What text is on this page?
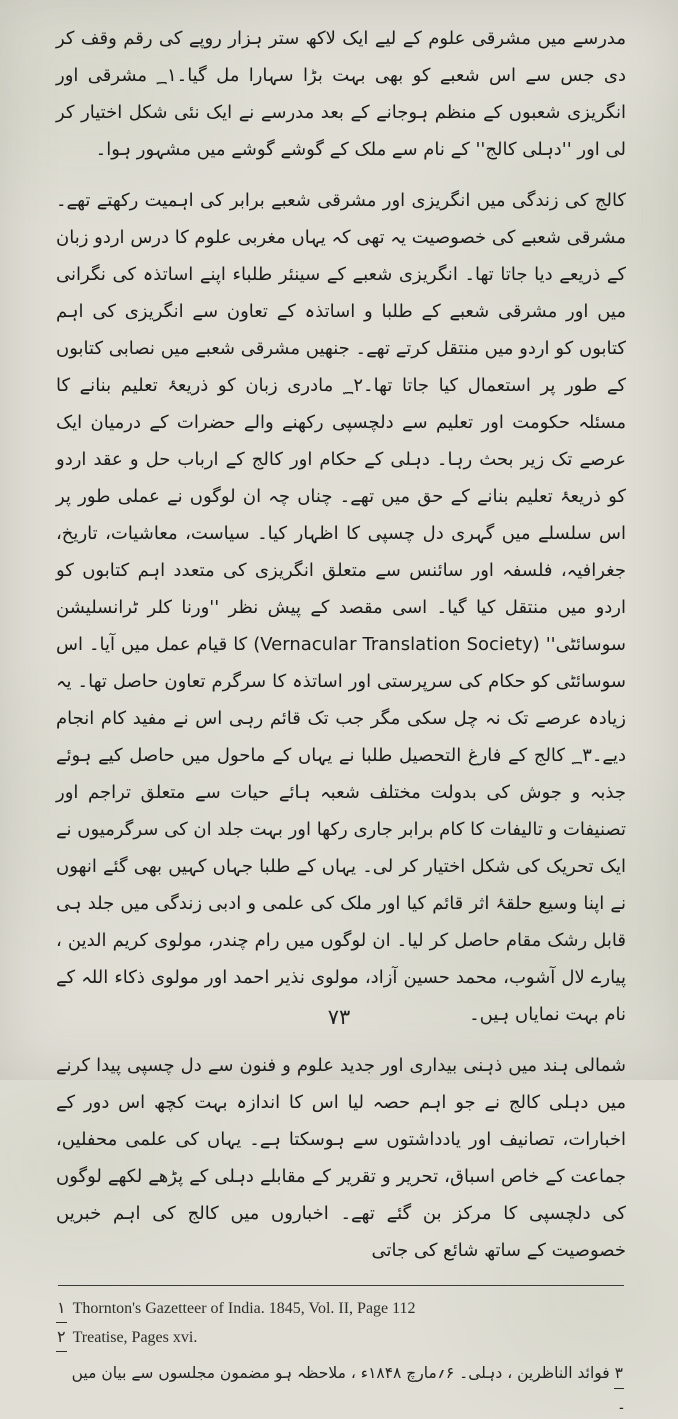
مدرسے میں مشرقی علوم کے لیے ایک لاکھ ستر ہزار روپے کی رقم وقف کر دی جس سے اس شعبے کو بھی بہت بڑا سہارا مل گیا۔؁۱ مشرقی اور انگریزی شعبوں کے منظم ہوجانے کے بعد مدرسے نے ایک نئی شکل اختیار کر لی اور ''دہلی کالج'' کے نام سے ملک کے گوشے گوشے میں مشہور ہوا۔

کالج کی زندگی میں انگریزی اور مشرقی شعبے برابر کی اہمیت رکھتے تھے۔ مشرقی شعبے کی خصوصیت یہ تھی کہ یہاں مغربی علوم کا درس اردو زبان کے ذریعے دیا جاتا تھا۔ انگریزی شعبے کے سینئر طلباء اپنے اساتذہ کی نگرانی میں اور مشرقی شعبے کے طلبا و اساتذہ کے تعاون سے انگریزی کی اہم کتابوں کو اردو میں منتقل کرتے تھے۔ جنھیں مشرقی شعبے میں نصابی کتابوں کے طور پر استعمال کیا جاتا تھا۔؁۲ مادری زبان کو ذریعۂ تعلیم بنانے کا مسئلہ حکومت اور تعلیم سے دلچسپی رکھنے والے حضرات کے درمیان ایک عرصے تک زیر بحث رہا۔ دہلی کے حکام اور کالج کے ارباب حل و عقد اردو کو ذریعۂ تعلیم بنانے کے حق میں تھے۔ چناں چہ ان لوگوں نے عملی طور پر اس سلسلے میں گہری دل چسپی کا اظہار کیا۔ سیاست، معاشیات، تاریخ، جغرافیہ، فلسفہ اور سائنس سے متعلق انگریزی کی متعدد اہم کتابوں کو اردو میں منتقل کیا گیا۔ اسی مقصد کے پیش نظر ''ورنا کلر ٹرانسلیشن سوسائٹی'' (Vernacular Translation Society) کا قیام عمل میں آیا۔ اس سوسائٹی کو حکام کی سرپرستی اور اساتذہ کا سرگرم تعاون حاصل تھا۔ یہ زیادہ عرصے تک نہ چل سکی مگر جب تک قائم رہی اس نے مفید کام انجام دیے۔؁۳ کالج کے فارغ التحصیل طلبا نے یہاں کے ماحول میں حاصل کیے ہوئے جذبہ و جوش کی بدولت مختلف شعبہ ہائے حیات سے متعلق تراجم اور تصنیفات و تالیفات کا کام برابر جاری رکھا اور بہت جلد ان کی سرگرمیوں نے ایک تحریک کی شکل اختیار کر لی۔ یہاں کے طلبا جہاں کہیں بھی گئے انھوں نے اپنا وسیع حلقۂ اثر قائم کیا اور ملک کی علمی و ادبی زندگی میں جلد ہی قابل رشک مقام حاصل کر لیا۔ ان لوگوں میں رام چندر، مولوی کریم الدین ، پیارے لال آشوب، محمد حسین آزاد، مولوی نذیر احمد اور مولوی ذکاء اللہ کے نام بہت نمایاں ہیں۔

شمالی ہند میں ذہنی بیداری اور جدید علوم و فنون سے دل چسپی پیدا کرنے میں دہلی کالج نے جو اہم حصہ لیا اس کا اندازہ بہت کچھ اس دور کے اخبارات، تصانیف اور یادداشتوں سے ہوسکتا ہے۔ یہاں کی علمی محفلیں، جماعت کے خاص اسباق، تحریر و تقریر کے مقابلے دہلی کے پڑھے لکھے لوگوں کی دلچسپی کا مرکز بن گئے تھے۔ اخباروں میں کالج کی اہم خبریں خصوصیت کے ساتھ شائع کی جاتی

۱ Thornton's Gazetteer of India. 1845, Vol. II, Page 112
۲ Treatise, Pages xvi.
۳فوائد الناظرین ، دہلی۔ ۶؍مارچ ۱۸۴۸ء ، ملاحظہ ہو مضمون مجلسوں سے بیان میں ۔
۷۳
